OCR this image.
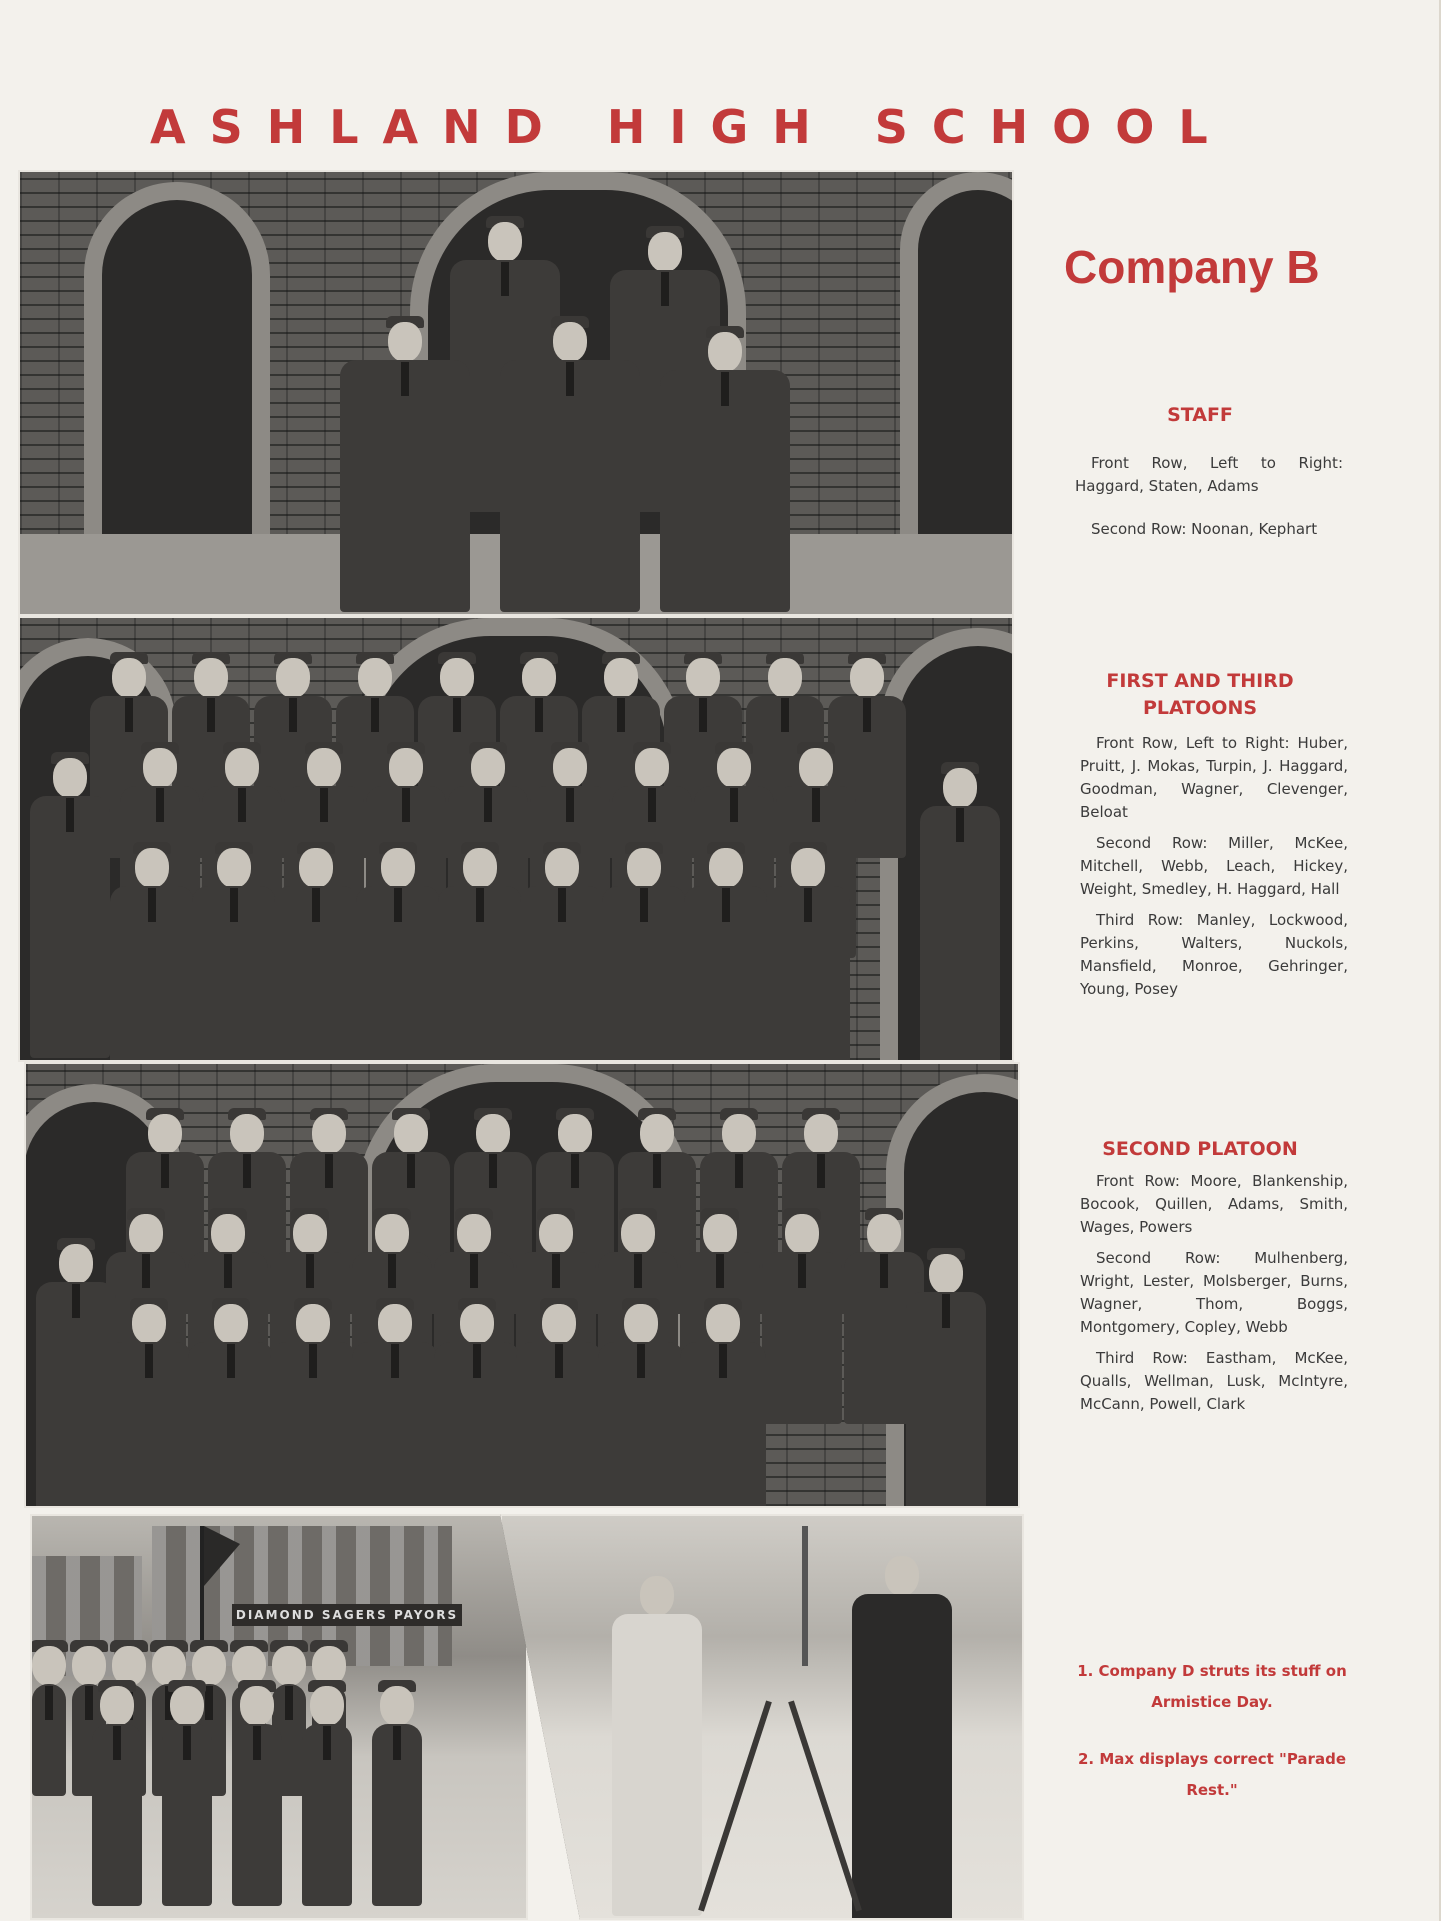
ASHLAND HIGH SCHOOL
DIAMOND SAGERS PAYORS
Company B
STAFF

Front Row, Left to Right: Haggard, Staten, Adams

Second Row: Noonan, Kephart

FIRST AND THIRD PLATOONS

Front Row, Left to Right: Huber, Pruitt, J. Mokas, Turpin, J. Haggard, Goodman, Wagner, Clevenger, Beloat

Second Row: Miller, McKee, Mitchell, Webb, Leach, Hickey, Weight, Smedley, H. Haggard, Hall

Third Row: Manley, Lockwood, Perkins, Walters, Nuckols, Mansfield, Monroe, Gehringer, Young, Posey

SECOND PLATOON

Front Row: Moore, Blankenship, Bocook, Quillen, Adams, Smith, Wages, Powers

Second Row: Mulhenberg, Wright, Lester, Molsberger, Burns, Wagner, Thom, Boggs, Montgomery, Copley, Webb

Third Row: Eastham, McKee, Qualls, Wellman, Lusk, McIntyre, McCann, Powell, Clark

1. Company D struts its stuff on Armistice Day.
2. Max displays correct "Parade Rest."
